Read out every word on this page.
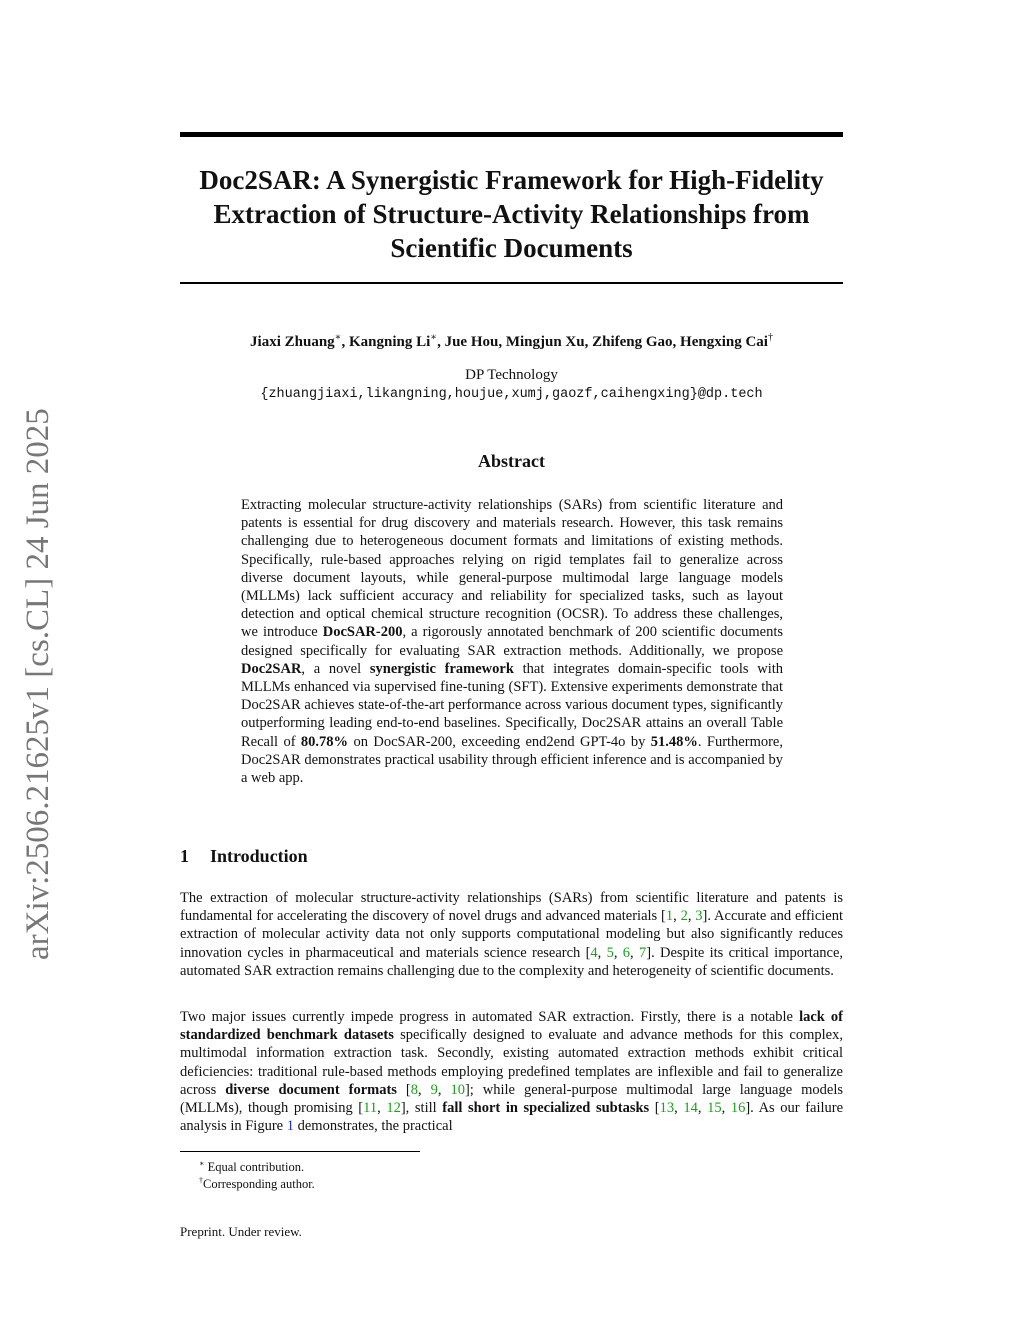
arXiv:2506.21625v1 [cs.CL] 24 Jun 2025
Doc2SAR: A Synergistic Framework for High-Fidelity
Extraction of Structure-Activity Relationships from
Scientific Documents
Jiaxi Zhuang∗, Kangning Li∗, Jue Hou, Mingjun Xu, Zhifeng Gao, Hengxing Cai†
DP Technology
{zhuangjiaxi,likangning,houjue,xumj,gaozf,caihengxing}@dp.tech
Abstract

Extracting molecular structure-activity relationships (SARs) from scientific literature and patents is essential for drug discovery and materials research. However, this task remains challenging due to heterogeneous document formats and limitations of existing methods. Specifically, rule-based approaches relying on rigid templates fail to generalize across diverse document layouts, while general-purpose multimodal large language models (MLLMs) lack sufficient accuracy and reliability for specialized tasks, such as layout detection and optical chemical structure recognition (OCSR). To address these challenges, we introduce DocSAR-200, a rigorously annotated benchmark of 200 scientific documents designed specifically for evaluating SAR extraction methods. Additionally, we propose Doc2SAR, a novel synergistic framework that integrates domain-specific tools with MLLMs enhanced via supervised fine-tuning (SFT). Extensive experiments demonstrate that Doc2SAR achieves state-of-the-art performance across various document types, significantly outperforming leading end-to-end baselines. Specifically, Doc2SAR attains an overall Table Recall of 80.78% on DocSAR-200, exceeding end2end GPT-4o by 51.48%. Furthermore, Doc2SAR demonstrates practical usability through efficient inference and is accompanied by a web app.

1 Introduction

The extraction of molecular structure-activity relationships (SARs) from scientific literature and patents is fundamental for accelerating the discovery of novel drugs and advanced materials [1, 2, 3]. Accurate and efficient extraction of molecular activity data not only supports computational modeling but also significantly reduces innovation cycles in pharmaceutical and materials science research [4, 5, 6, 7]. Despite its critical importance, automated SAR extraction remains challenging due to the complexity and heterogeneity of scientific documents.

Two major issues currently impede progress in automated SAR extraction. Firstly, there is a notable lack of standardized benchmark datasets specifically designed to evaluate and advance methods for this complex, multimodal information extraction task. Secondly, existing automated extraction methods exhibit critical deficiencies: traditional rule-based methods employing predefined templates are inflexible and fail to generalize across diverse document formats [8, 9, 10]; while general-purpose multimodal large language models (MLLMs), though promising [11, 12], still fall short in specialized subtasks [13, 14, 15, 16]. As our failure analysis in Figure 1 demonstrates, the practical

∗ Equal contribution.
†Corresponding author.
Preprint. Under review.
